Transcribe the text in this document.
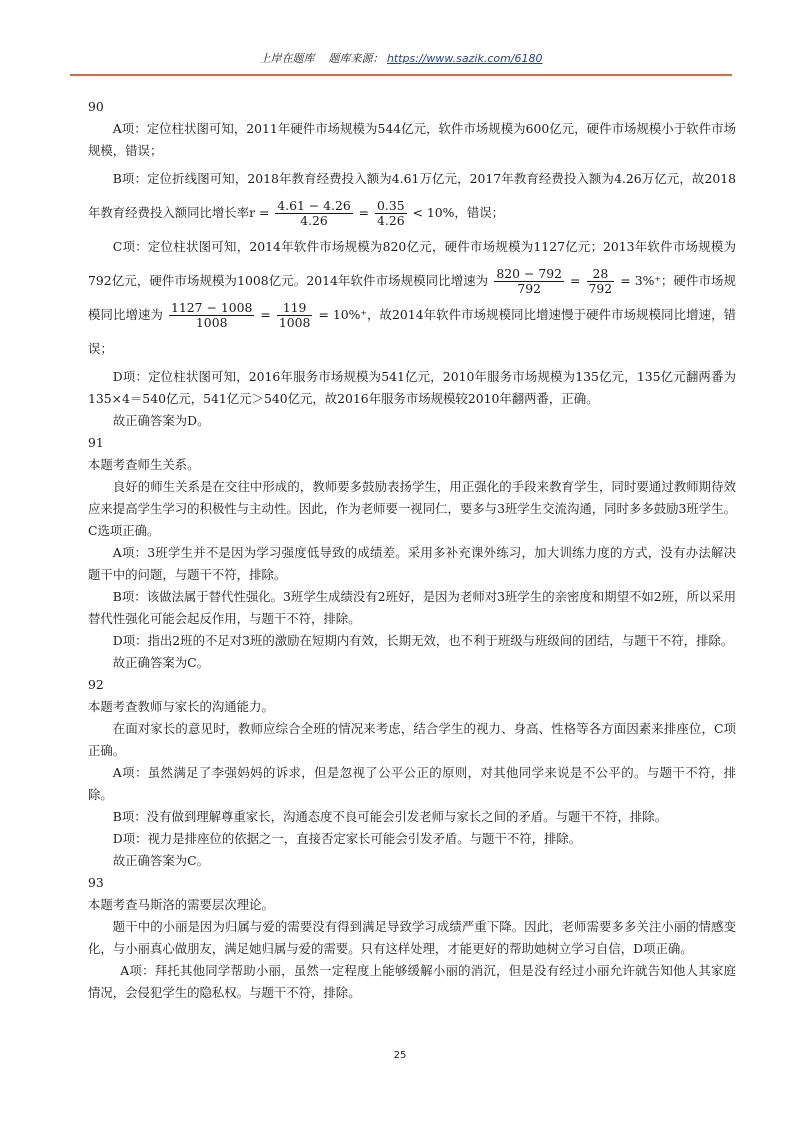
上岸在题库 题库来源： https://www.sazik.com/6180

90

A项：定位柱状图可知，2011年硬件市场规模为544亿元，软件市场规模为600亿元，硬件市场规模小于软件市场规模，错误；

B项：定位折线图可知，2018年教育经费投入额为4.61万亿元，2017年教育经费投入额为4.26万亿元，故2018年教育经费投入额同比增长率$r = \frac{4.61 - 4.26}{4.26} = \frac{0.35}{4.26} < 10\%$，错误；

C项：定位柱状图可知，2014年软件市场规模为820亿元，硬件市场规模为1127亿元；2013年软件市场规模为792亿元，硬件市场规模为1008亿元。2014年软件市场规模同比增速为 $\frac{820 - 792}{792} = \frac{28}{792} = 3\%^+$；硬件市场规模同比增速为 $\frac{1127 - 1008}{1008} = \frac{119}{1008} = 10\%^+$，故2014年软件市场规模同比增速慢于硬件市场规模同比增速，错误；

D项：定位柱状图可知，2016年服务市场规模为541亿元，2010年服务市场规模为135亿元，135亿元翻两番为135×4＝540亿元，541亿元＞540亿元，故2016年服务市场规模较2010年翻两番，正确。

故正确答案为D。

91

本题考查师生关系。

良好的师生关系是在交往中形成的，教师要多鼓励表扬学生，用正强化的手段来教育学生，同时要通过教师期待效应来提高学生学习的积极性与主动性。因此，作为老师要一视同仁，要多与3班学生交流沟通，同时多多鼓励3班学生。C选项正确。

A项：3班学生并不是因为学习强度低导致的成绩差。采用多补充课外练习，加大训练力度的方式，没有办法解决题干中的问题，与题干不符，排除。

B项：该做法属于替代性强化。3班学生成绩没有2班好，是因为老师对3班学生的亲密度和期望不如2班，所以采用替代性强化可能会起反作用，与题干不符，排除。

D项：指出2班的不足对3班的激励在短期内有效，长期无效，也不利于班级与班级间的团结，与题干不符，排除。

故正确答案为C。

92

本题考查教师与家长的沟通能力。

在面对家长的意见时，教师应综合全班的情况来考虑，结合学生的视力、身高、性格等各方面因素来排座位，C项正确。

A项：虽然满足了李强妈妈的诉求，但是忽视了公平公正的原则，对其他同学来说是不公平的。与题干不符，排除。

B项：没有做到理解尊重家长，沟通态度不良可能会引发老师与家长之间的矛盾。与题干不符，排除。

D项：视力是排座位的依据之一，直接否定家长可能会引发矛盾。与题干不符，排除。

故正确答案为C。

93

本题考查马斯洛的需要层次理论。

题干中的小丽是因为归属与爱的需要没有得到满足导致学习成绩严重下降。因此，老师需要多多关注小丽的情感变化，与小丽真心做朋友，满足她归属与爱的需要。只有这样处理，才能更好的帮助她树立学习自信，D项正确。

A项：拜托其他同学帮助小丽，虽然一定程度上能够缓解小丽的消沉，但是没有经过小丽允许就告知他人其家庭情况，会侵犯学生的隐私权。与题干不符，排除。

25
